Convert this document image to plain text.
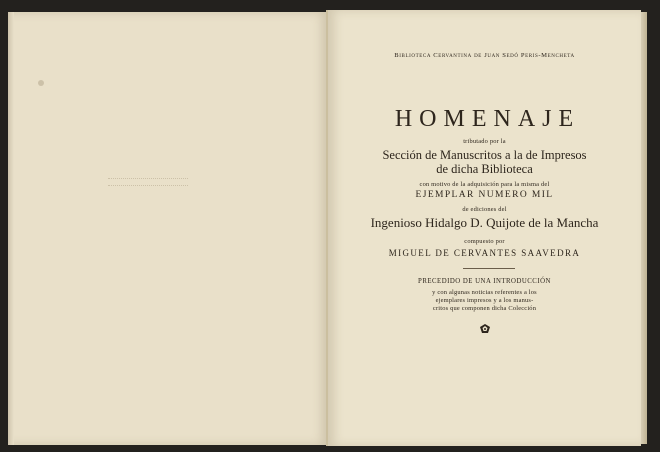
Biblioteca Cervantina de Juan Sedó Peris-Mencheta
HOMENAJE
tributado por la
Sección de Manuscritos a la de Impresos
de dicha Biblioteca
con motivo de la adquisición para la misma del
EJEMPLAR NUMERO MIL
de ediciones del
Ingenioso Hidalgo D. Quijote de la Mancha
compuesto por
MIGUEL DE CERVANTES SAAVEDRA
PRECEDIDO DE UNA INTRODUCCIÓN
y con algunas noticias referentes a los
ejemplares impresos y a los manus-
critos que componen dicha Colección
